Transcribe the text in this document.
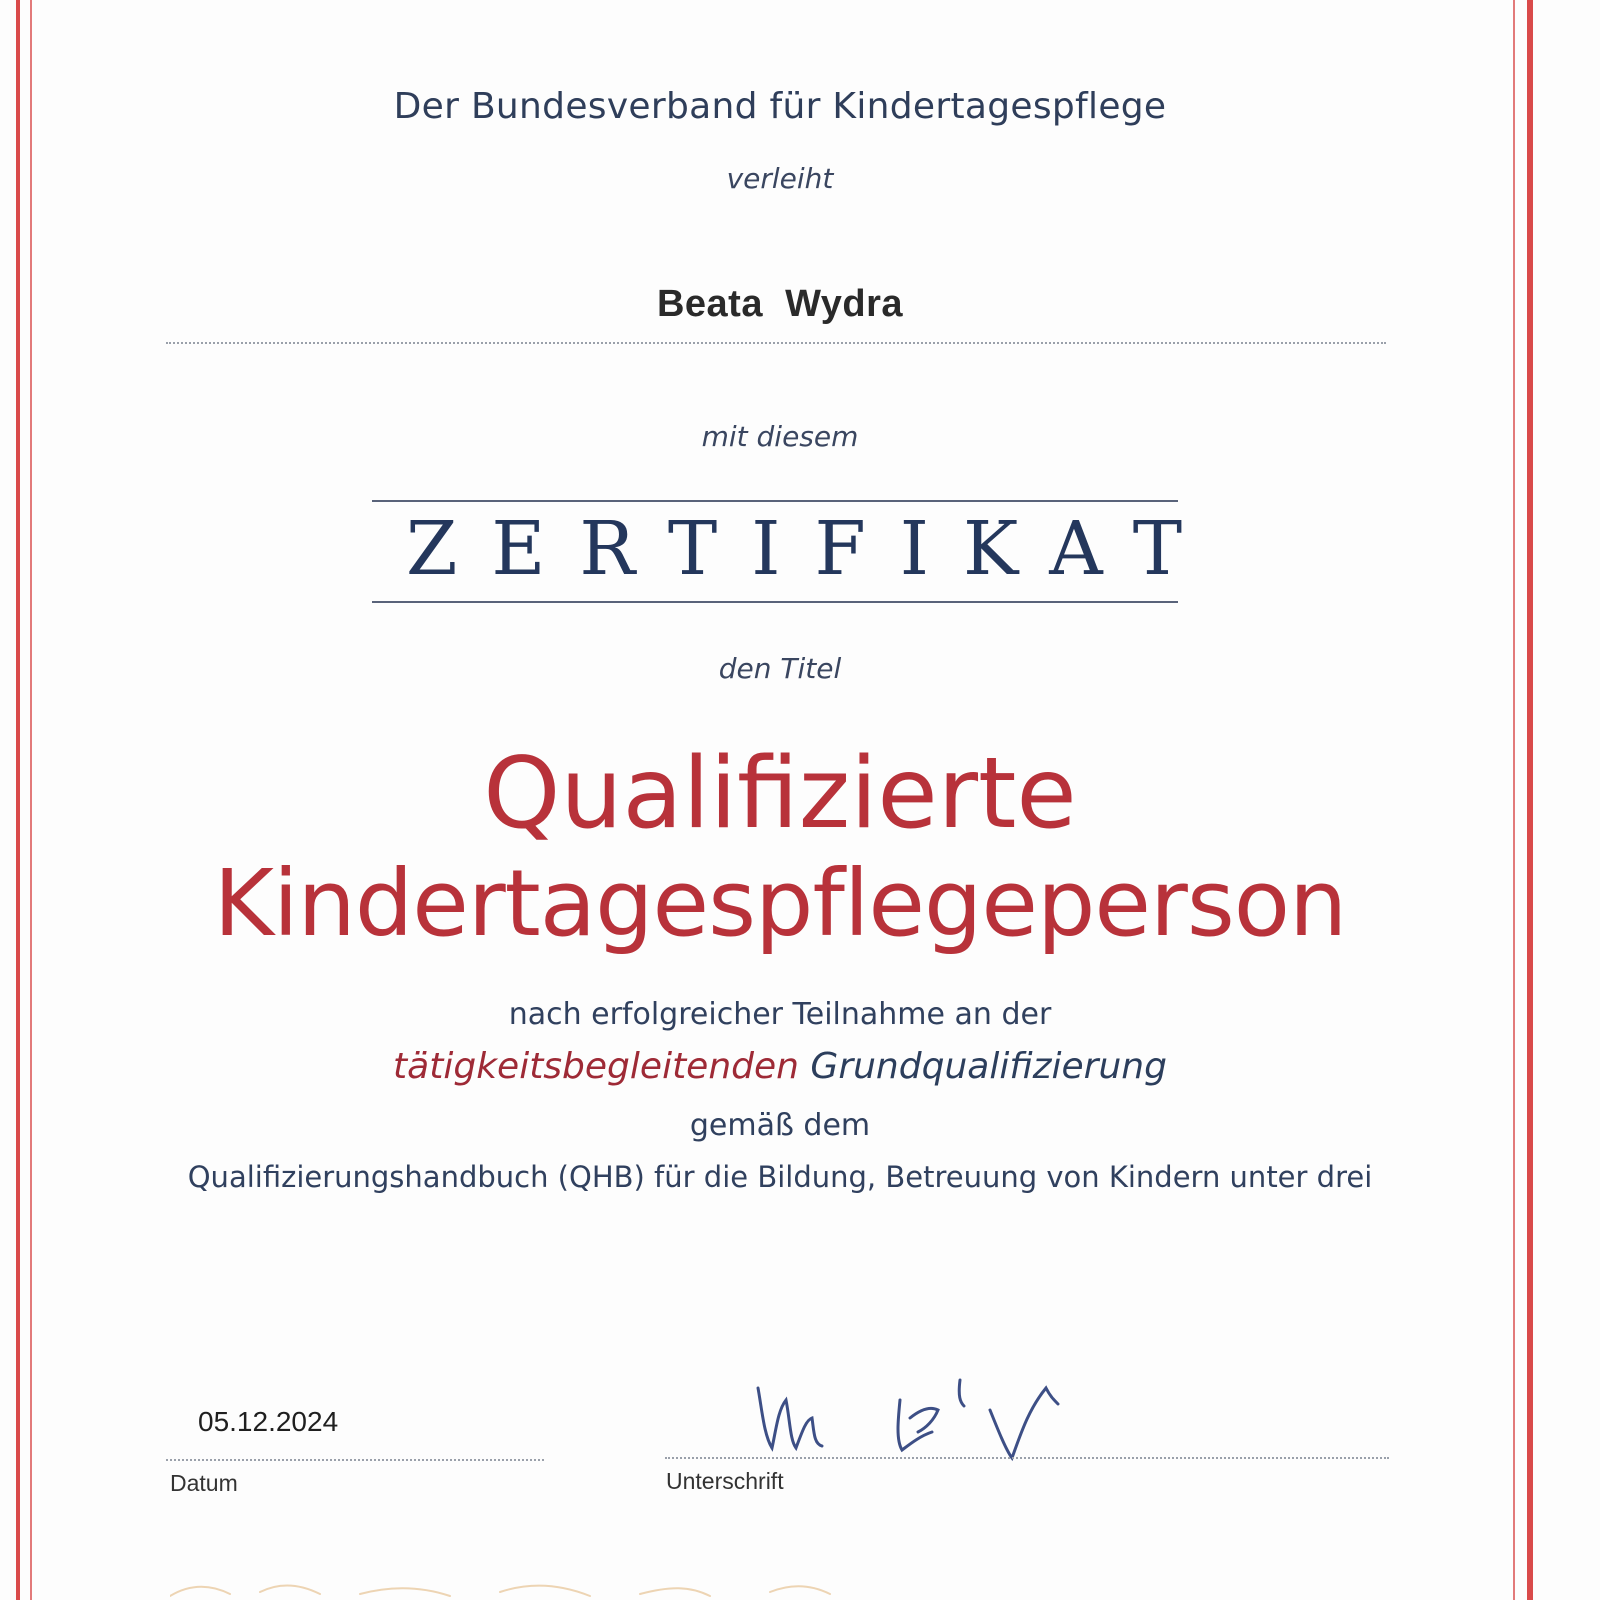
Der Bundesverband für Kindertagespflege
verleiht
Beata  Wydra
mit diesem
ZERTIFIKAT
den Titel
Qualifizierte
Kindertagespflegeperson
nach erfolgreicher Teilnahme an der
tätigkeitsbegleitenden Grundqualifizierung
gemäß dem
Qualifizierungshandbuch (QHB) für die Bildung, Betreuung von Kindern unter drei
05.12.2024
Datum	Unterschrift
